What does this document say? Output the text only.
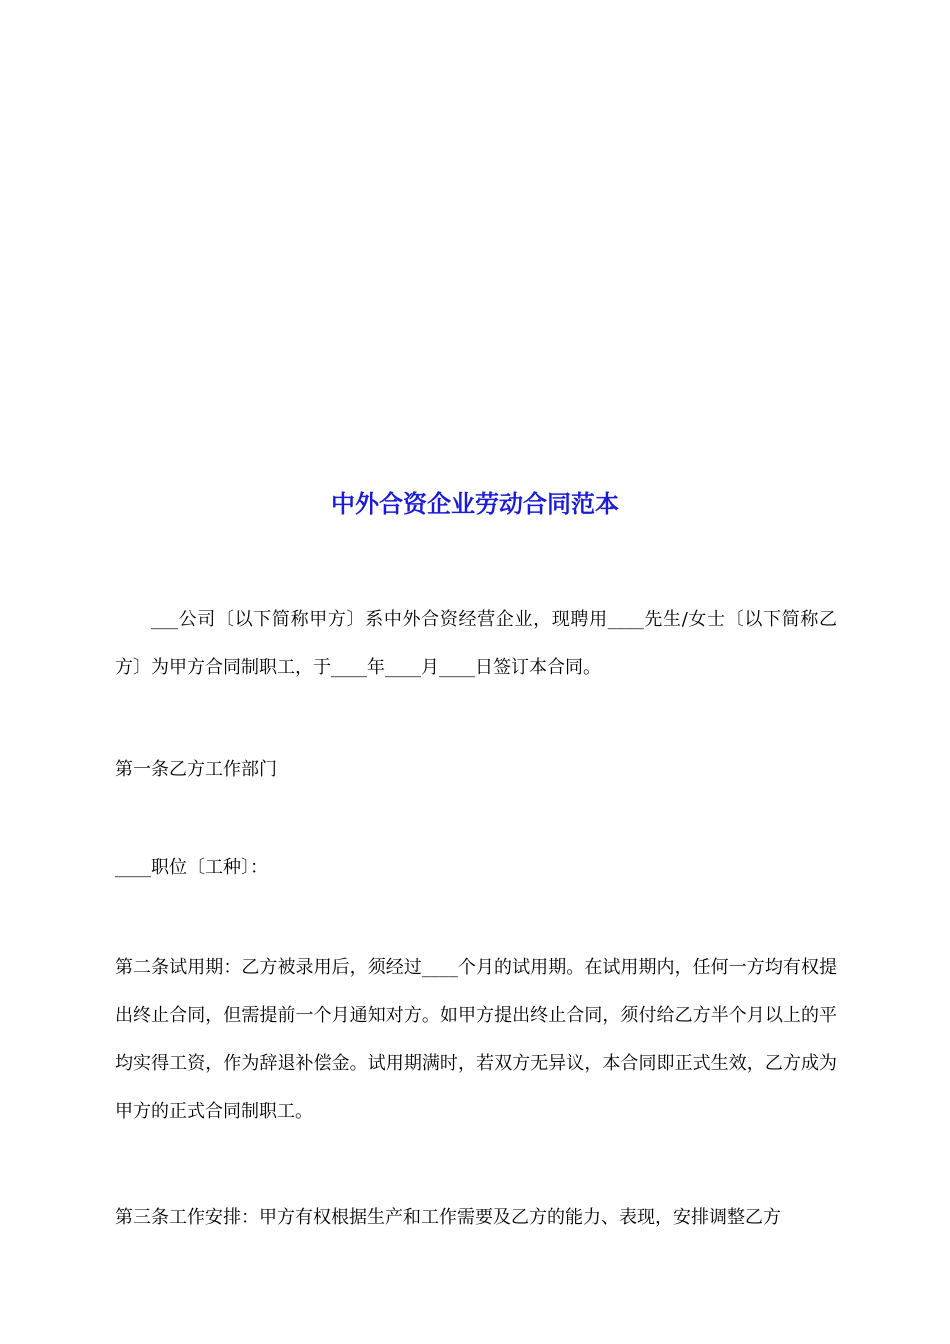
中外合资企业劳动合同范本

___公司〔以下简称甲方〕系中外合资经营企业，现聘用____先生/女士〔以下简称乙方〕为甲方合同制职工，于____年____月____日签订本合同。

第一条乙方工作部门

____职位〔工种〕：

第二条试用期：乙方被录用后，须经过____个月的试用期。在试用期内，任何一方均有权提出终止合同，但需提前一个月通知对方。如甲方提出终止合同，须付给乙方半个月以上的平均实得工资，作为辞退补偿金。试用期满时，若双方无异议，本合同即正式生效，乙方成为甲方的正式合同制职工。

第三条工作安排：甲方有权根据生产和工作需要及乙方的能力、表现，安排调整乙方
